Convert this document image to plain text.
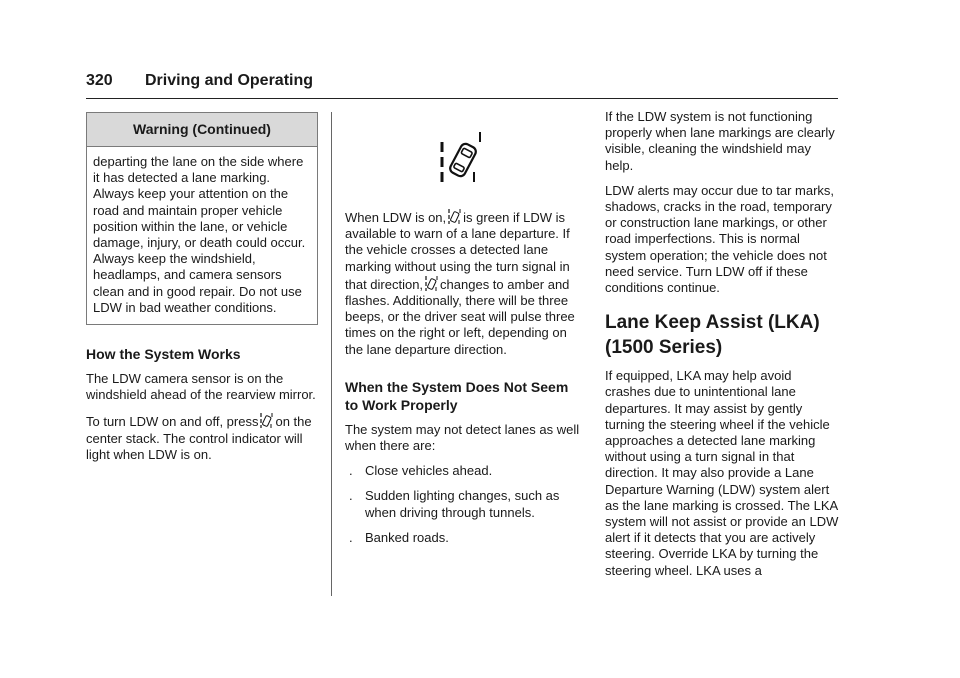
320 Driving and Operating
Warning (Continued)
departing the lane on the side where it has detected a lane marking. Always keep your attention on the road and maintain proper vehicle position within the lane, or vehicle damage, injury, or death could occur. Always keep the windshield, headlamps, and camera sensors clean and in good repair. Do not use LDW in bad weather conditions.
How the System Works

The LDW camera sensor is on the windshield ahead of the rearview mirror.

To turn LDW on and off, press on the center stack. The control indicator will light when LDW is on.

When LDW is on, is green if LDW is available to warn of a lane departure. If the vehicle crosses a detected lane marking without using the turn signal in that direction, changes to amber and flashes. Additionally, there will be three beeps, or the driver seat will pulse three times on the right or left, depending on the lane departure direction.

When the System Does Not Seem to Work Properly

The system may not detect lanes as well when there are:

. Close vehicles ahead.
. Sudden lighting changes, such as when driving through tunnels.
. Banked roads.

If the LDW system is not functioning properly when lane markings are clearly visible, cleaning the windshield may help.

LDW alerts may occur due to tar marks, shadows, cracks in the road, temporary or construction lane markings, or other road imperfections. This is normal system operation; the vehicle does not need service. Turn LDW off if these conditions continue.

Lane Keep Assist (LKA) (1500 Series)

If equipped, LKA may help avoid crashes due to unintentional lane departures. It may assist by gently turning the steering wheel if the vehicle approaches a detected lane marking without using a turn signal in that direction. It may also provide a Lane Departure Warning (LDW) system alert as the lane marking is crossed. The LKA system will not assist or provide an LDW alert if it detects that you are actively steering. Override LKA by turning the steering wheel. LKA uses a
